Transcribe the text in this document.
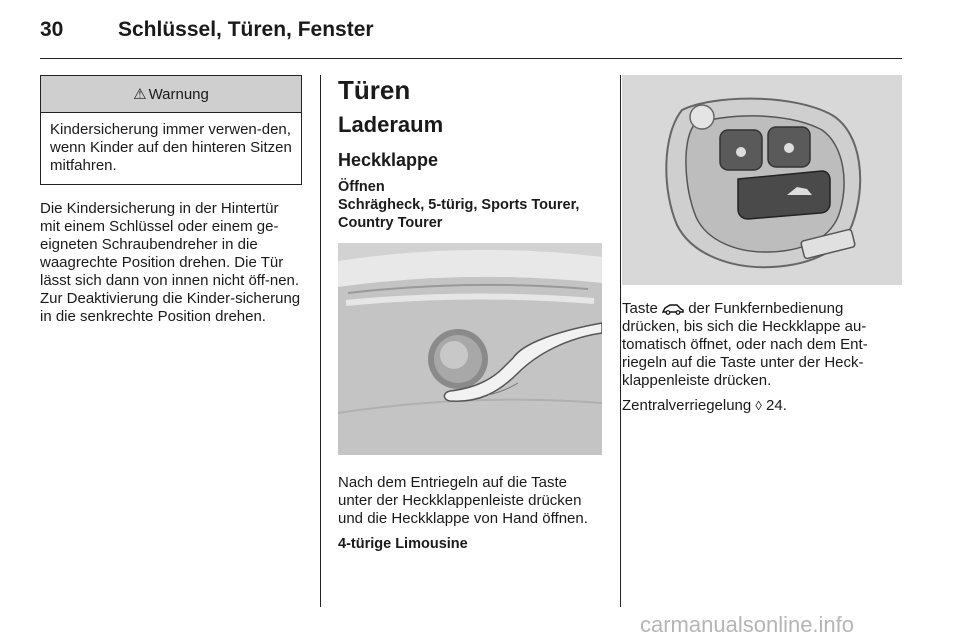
30	Schlüssel, Türen, Fenster
⚠ Warnung
Kindersicherung immer verwen-den, wenn Kinder auf den hinteren Sitzen mitfahren.

Die Kindersicherung in der Hintertür mit einem Schlüssel oder einem ge-eigneten Schraubendreher in die waagrechte Position drehen. Die Tür lässt sich dann von innen nicht öff-nen. Zur Deaktivierung die Kinder-sicherung in die senkrechte Position drehen.

Türen
Laderaum
Heckklappe
Öffnen
Schrägheck, 5-türig, Sports Tourer, Country Tourer

Nach dem Entriegeln auf die Taste unter der Heckklappenleiste drücken und die Heckklappe von Hand öffnen.

4-türige Limousine

Taste der Funkfernbedienung drücken, bis sich die Heckklappe au-tomatisch öffnet, oder nach dem Ent-riegeln auf die Taste unter der Heck-klappenleiste drücken.

Zentralverriegelung ◊ 24.

carmanualsonline.info
